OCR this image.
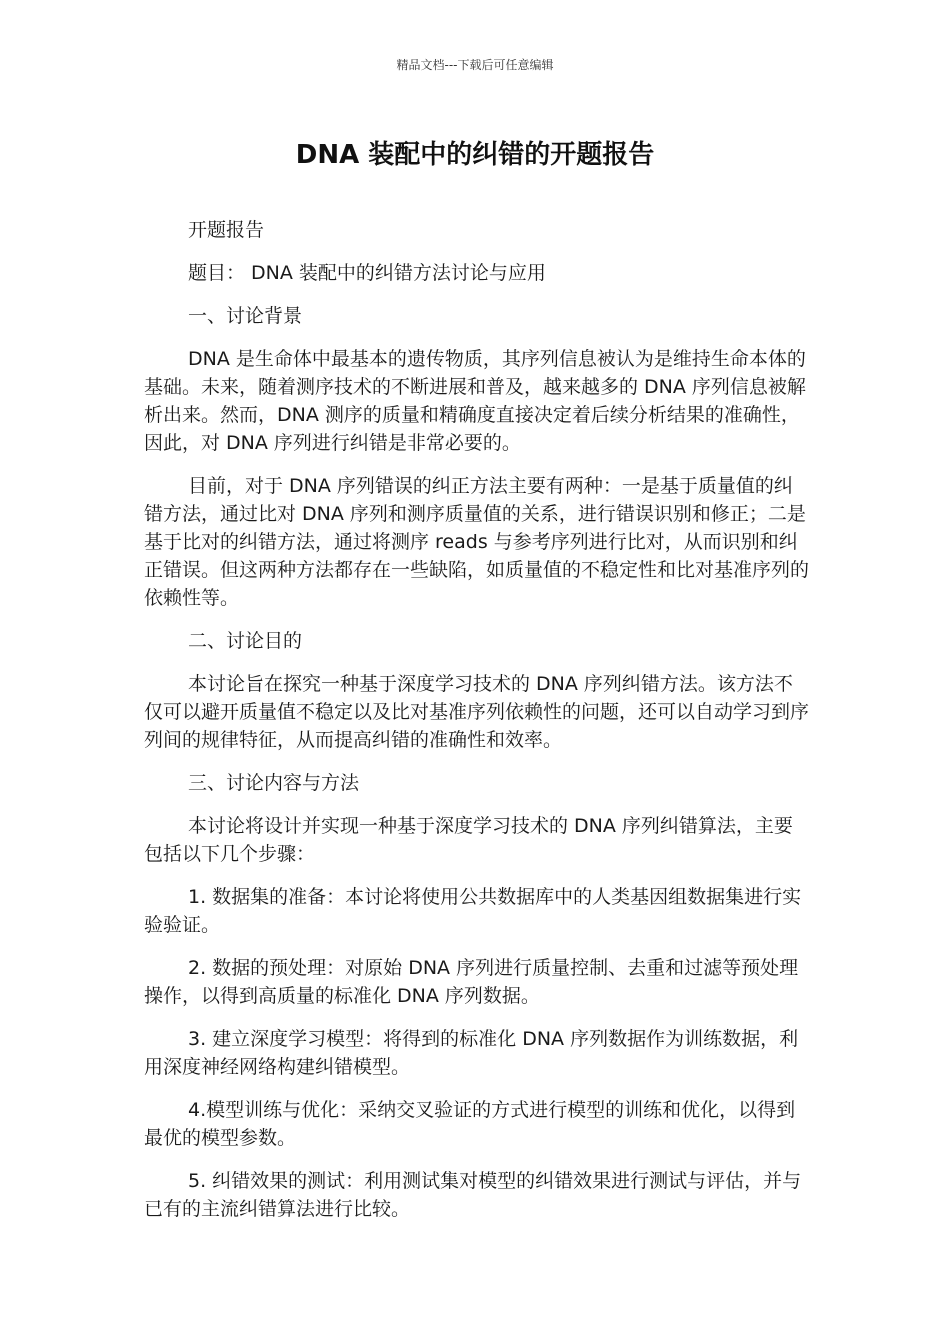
精品文档---下载后可任意编辑
DNA 装配中的纠错的开题报告
开题报告
题目： DNA 装配中的纠错方法讨论与应用
一、讨论背景

DNA 是生命体中最基本的遗传物质，其序列信息被认为是维持生命本体的基础。未来，随着测序技术的不断进展和普及，越来越多的 DNA 序列信息被解析出来。然而，DNA 测序的质量和精确度直接决定着后续分析结果的准确性，因此，对 DNA 序列进行纠错是非常必要的。

目前，对于 DNA 序列错误的纠正方法主要有两种：一是基于质量值的纠错方法，通过比对 DNA 序列和测序质量值的关系，进行错误识别和修正；二是基于比对的纠错方法，通过将测序 reads 与参考序列进行比对，从而识别和纠正错误。但这两种方法都存在一些缺陷，如质量值的不稳定性和比对基准序列的依赖性等。

二、讨论目的

本讨论旨在探究一种基于深度学习技术的 DNA 序列纠错方法。该方法不仅可以避开质量值不稳定以及比对基准序列依赖性的问题，还可以自动学习到序列间的规律特征，从而提高纠错的准确性和效率。

三、讨论内容与方法

本讨论将设计并实现一种基于深度学习技术的 DNA 序列纠错算法，主要包括以下几个步骤：

1. 数据集的准备：本讨论将使用公共数据库中的人类基因组数据集进行实验验证。

2. 数据的预处理：对原始 DNA 序列进行质量控制、去重和过滤等预处理操作，以得到高质量的标准化 DNA 序列数据。

3. 建立深度学习模型：将得到的标准化 DNA 序列数据作为训练数据，利用深度神经网络构建纠错模型。

4.模型训练与优化：采纳交叉验证的方式进行模型的训练和优化，以得到最优的模型参数。

5. 纠错效果的测试：利用测试集对模型的纠错效果进行测试与评估，并与已有的主流纠错算法进行比较。
